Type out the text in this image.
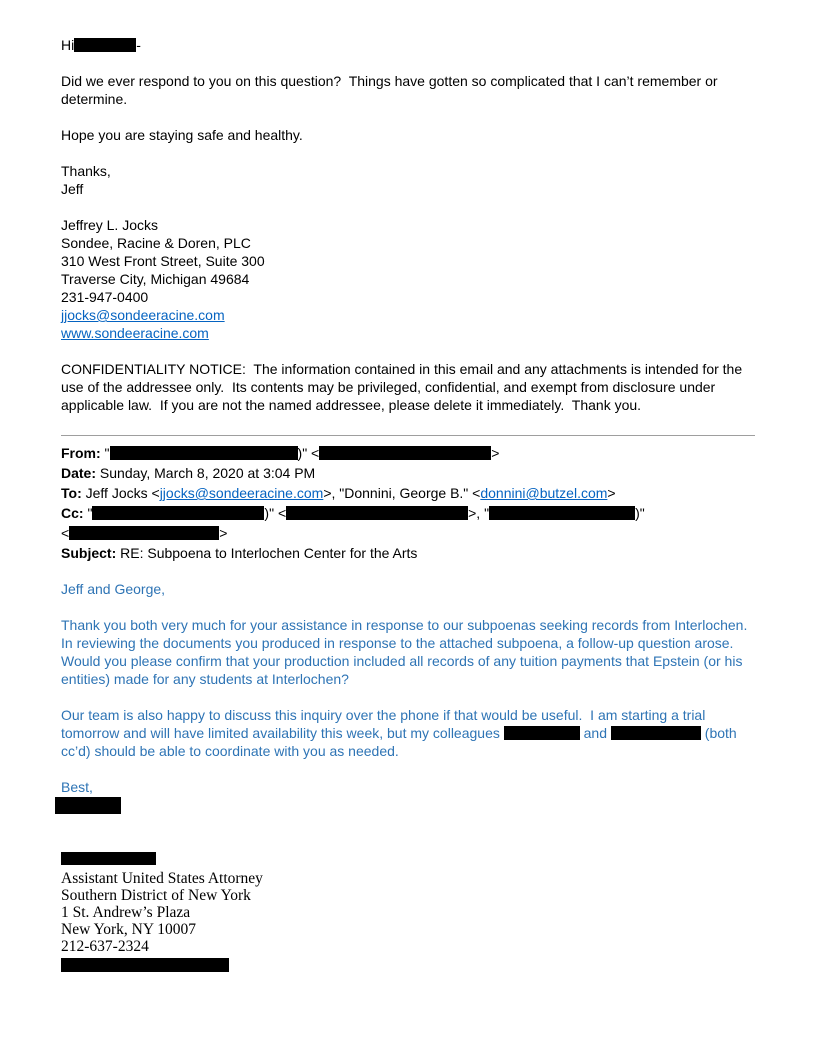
Hi	-

Did we ever respond to you on this question?  Things have gotten so complicated that I can’t remember or determine.

Hope you are staying safe and healthy.

Thanks,
Jeff

Jeffrey L. Jocks

Sondee, Racine & Doren, PLC

310 West Front Street, Suite 300

Traverse City, Michigan 49684

231-947-0400

jjocks@sondeeracine.com

www.sondeeracine.com

CONFIDENTIALITY NOTICE:  The information contained in this email and any attachments is intended for the use of the addressee only.  Its contents may be privileged, confidential, and exempt from disclosure under applicable law.  If you are not the named addressee, please delete it immediately.  Thank you.

From: "	)" <	>

Date: Sunday, March 8, 2020 at 3:04 PM

To: Jeff Jocks <jjocks@sondeeracine.com>, "Donnini, George B." <donnini@butzel.com>

Cc: "	)" <	>, "	)"

<	>

Subject: RE: Subpoena to Interlochen Center for the Arts

Jeff and George,

Thank you both very much for your assistance in response to our subpoenas seeking records from Interlochen.  In reviewing the documents you produced in response to the attached subpoena, a follow-up question arose.  Would you please confirm that your production included all records of any tuition payments that Epstein (or his entities) made for any students at Interlochen?

Our team is also happy to discuss this inquiry over the phone if that would be useful.  I am starting a trial tomorrow and will have limited availability this week, but my colleagues	and	(both cc’d) should be able to coordinate with you as needed.

Best,

Assistant United States Attorney

Southern District of New York

1 St. Andrew’s Plaza

New York, NY 10007

212-637-2324
